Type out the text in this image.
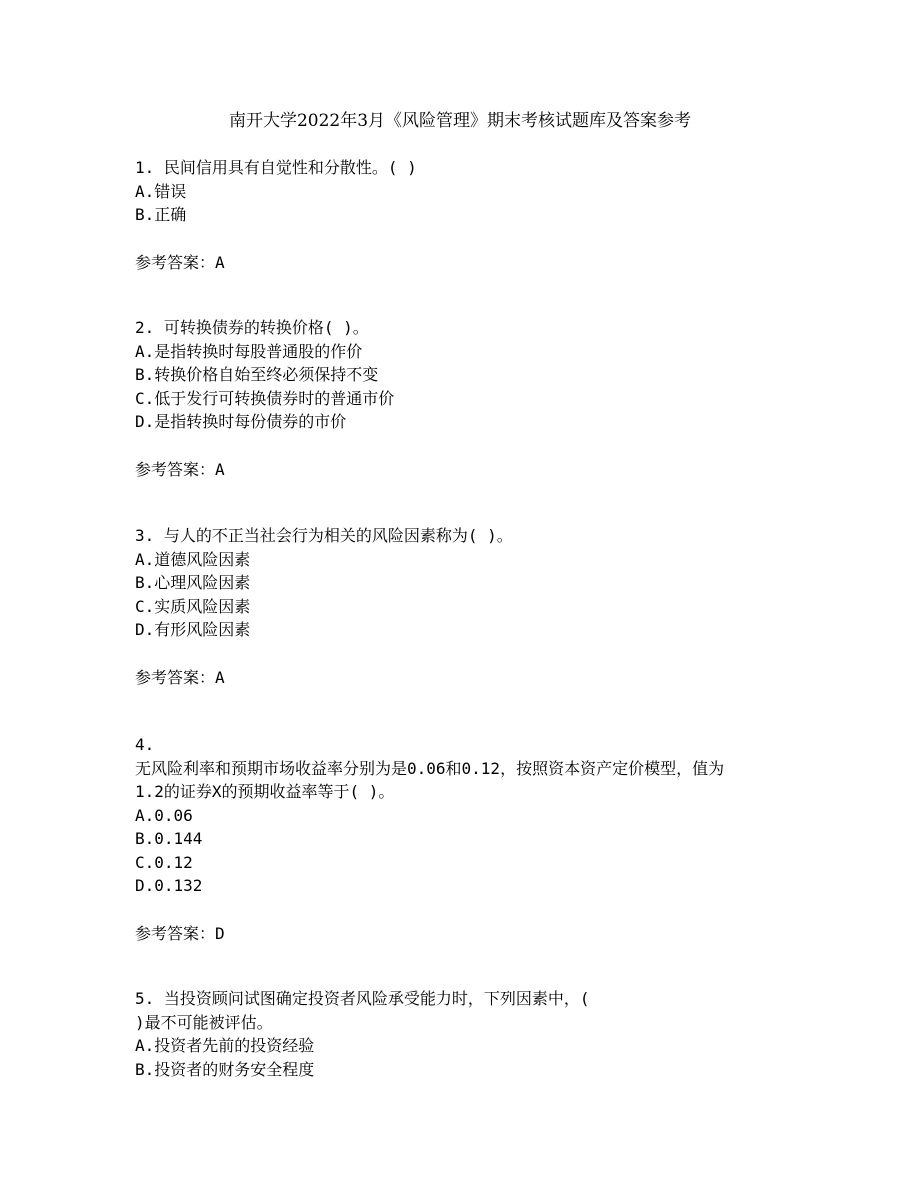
南开大学2022年3月《风险管理》期末考核试题库及答案参考
1. 民间信用具有自觉性和分散性。( )
A.错误
B.正确
参考答案：A
2. 可转换债券的转换价格( )。
A.是指转换时每股普通股的作价
B.转换价格自始至终必须保持不变
C.低于发行可转换债券时的普通市价
D.是指转换时每份债券的市价
参考答案：A
3. 与人的不正当社会行为相关的风险因素称为( )。
A.道德风险因素
B.心理风险因素
C.实质风险因素
D.有形风险因素
参考答案：A
4.
无风险利率和预期市场收益率分别为是0.06和0.12，按照资本资产定价模型，值为
1.2的证券X的预期收益率等于( )。
A.0.06
B.0.144
C.0.12
D.0.132
参考答案：D
5. 当投资顾问试图确定投资者风险承受能力时，下列因素中，(
)最不可能被评估。
A.投资者先前的投资经验
B.投资者的财务安全程度
